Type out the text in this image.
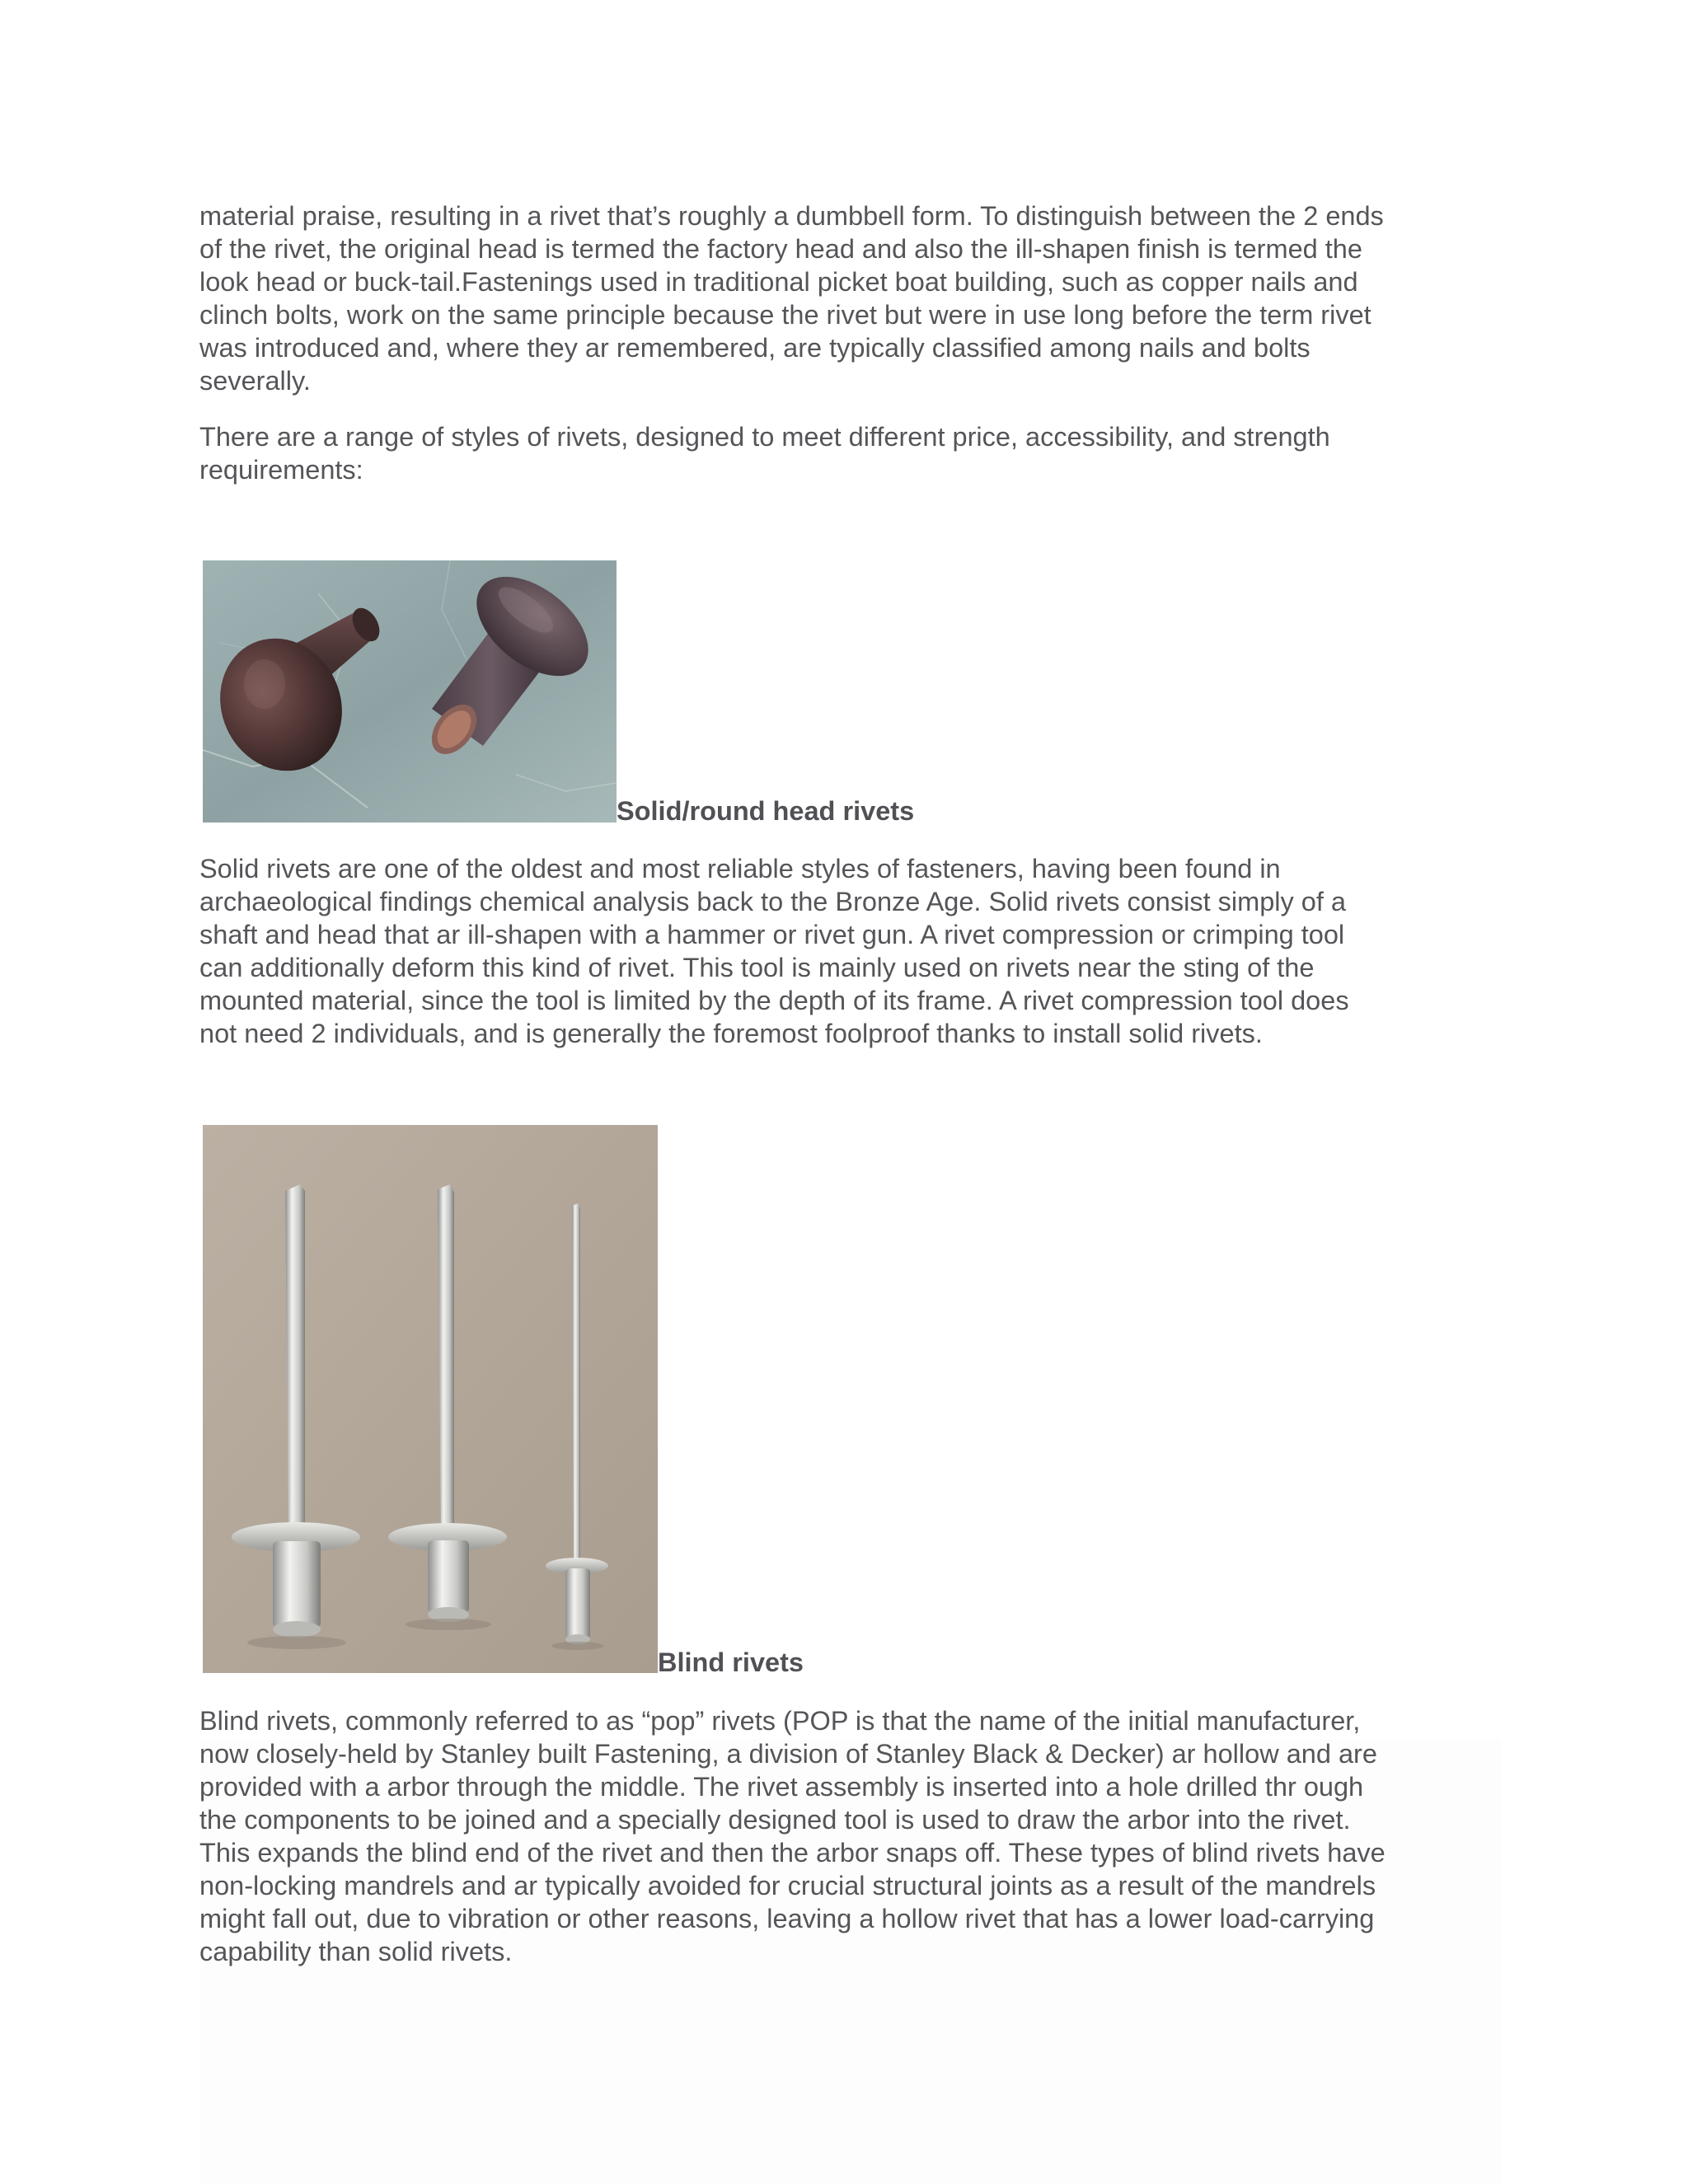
material praise, resulting in a rivet that’s roughly a dumbbell form. To distinguish between the 2 ends
of the rivet, the original head is termed the factory head and also the ill-shapen finish is termed the
look head or buck-tail.Fastenings used in traditional picket boat building, such as copper nails and
clinch bolts, work on the same principle because the rivet but were in use long before the term rivet
was introduced and, where they ar remembered, are typically classified among nails and bolts
severally.

There are a range of styles of rivets, designed to meet different price, accessibility, and strength
requirements:

Solid/round head rivets

Solid rivets are one of the oldest and most reliable styles of fasteners, having been found in
archaeological findings chemical analysis back to the Bronze Age. Solid rivets consist simply of a
shaft and head that ar ill-shapen with a hammer or rivet gun. A rivet compression or crimping tool
can additionally deform this kind of rivet. This tool is mainly used on rivets near the sting of the
mounted material, since the tool is limited by the depth of its frame. A rivet compression tool does
not need 2 individuals, and is generally the foremost foolproof thanks to install solid rivets.

Blind rivets

Blind rivets, commonly referred to as “pop” rivets (POP is that the name of the initial manufacturer,
now closely-held by Stanley built Fastening, a division of Stanley Black & Decker) ar hollow and are
provided with a arbor through the middle. The rivet assembly is inserted into a hole drilled thr ough
the components to be joined and a specially designed tool is used to draw the arbor into the rivet.
This expands the blind end of the rivet and then the arbor snaps off. These types of blind rivets have
non-locking mandrels and ar typically avoided for crucial structural joints as a result of the mandrels
might fall out, due to vibration or other reasons, leaving a hollow rivet that has a lower load-carrying
capability than solid rivets.
